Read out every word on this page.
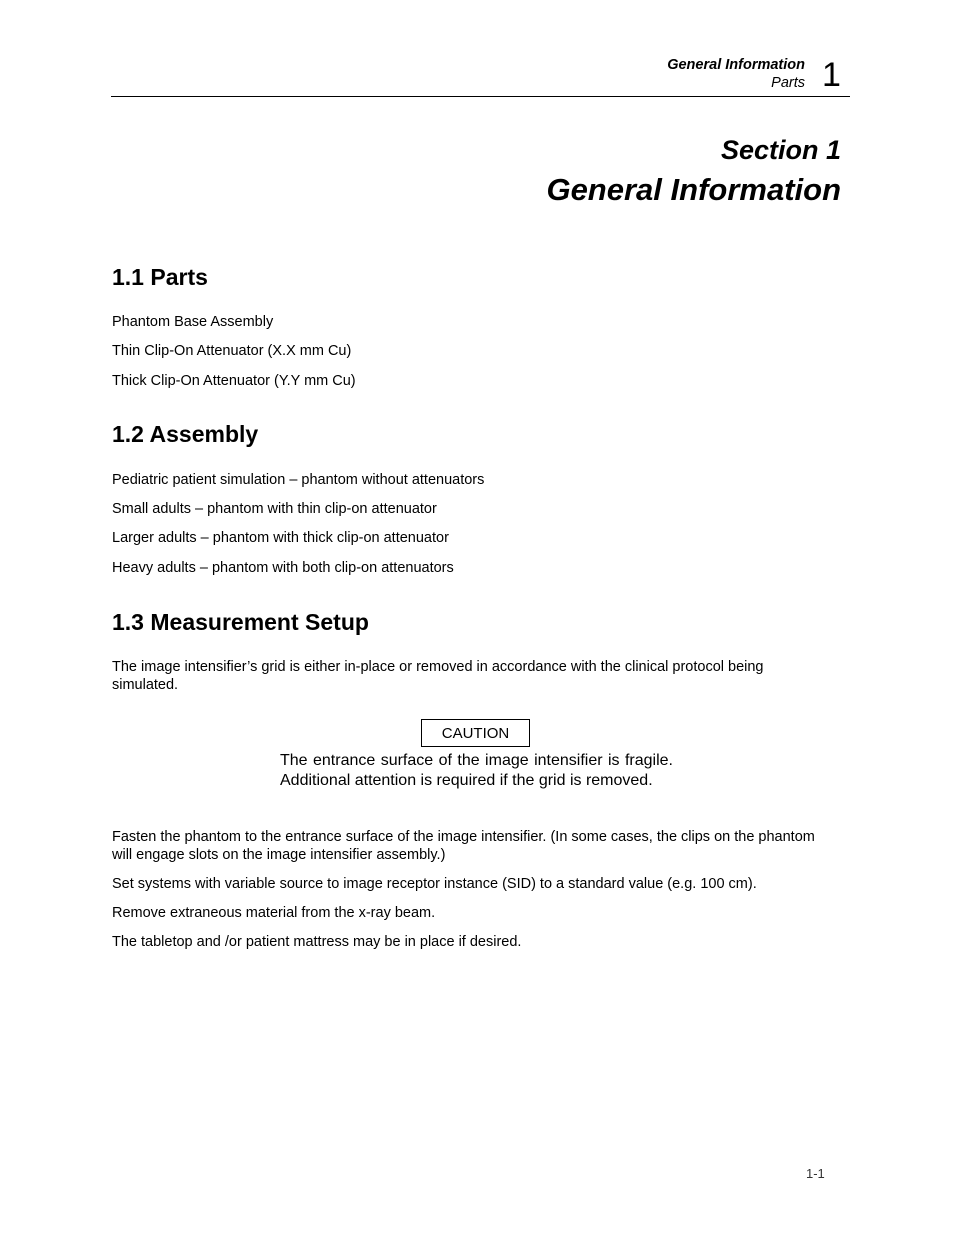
General Information
Parts 1
Section 1
General Information
1.1 Parts
Phantom Base Assembly
Thin Clip-On Attenuator (X.X mm Cu)
Thick Clip-On Attenuator (Y.Y mm Cu)
1.2 Assembly
Pediatric patient simulation – phantom without attenuators
Small adults – phantom with thin clip-on attenuator
Larger adults – phantom with thick clip-on attenuator
Heavy adults – phantom with both clip-on attenuators
1.3 Measurement Setup
The image intensifier’s grid is either in-place or removed in accordance with the clinical protocol being simulated.
CAUTION
The entrance surface of the image intensifier is fragile. Additional attention is required if the grid is removed.
Fasten the phantom to the entrance surface of the image intensifier. (In some cases, the clips on the phantom will engage slots on the image intensifier assembly.)
Set systems with variable source to image receptor instance (SID) to a standard value (e.g. 100 cm).
Remove extraneous material from the x-ray beam.
The tabletop and /or patient mattress may be in place if desired.
1-1
